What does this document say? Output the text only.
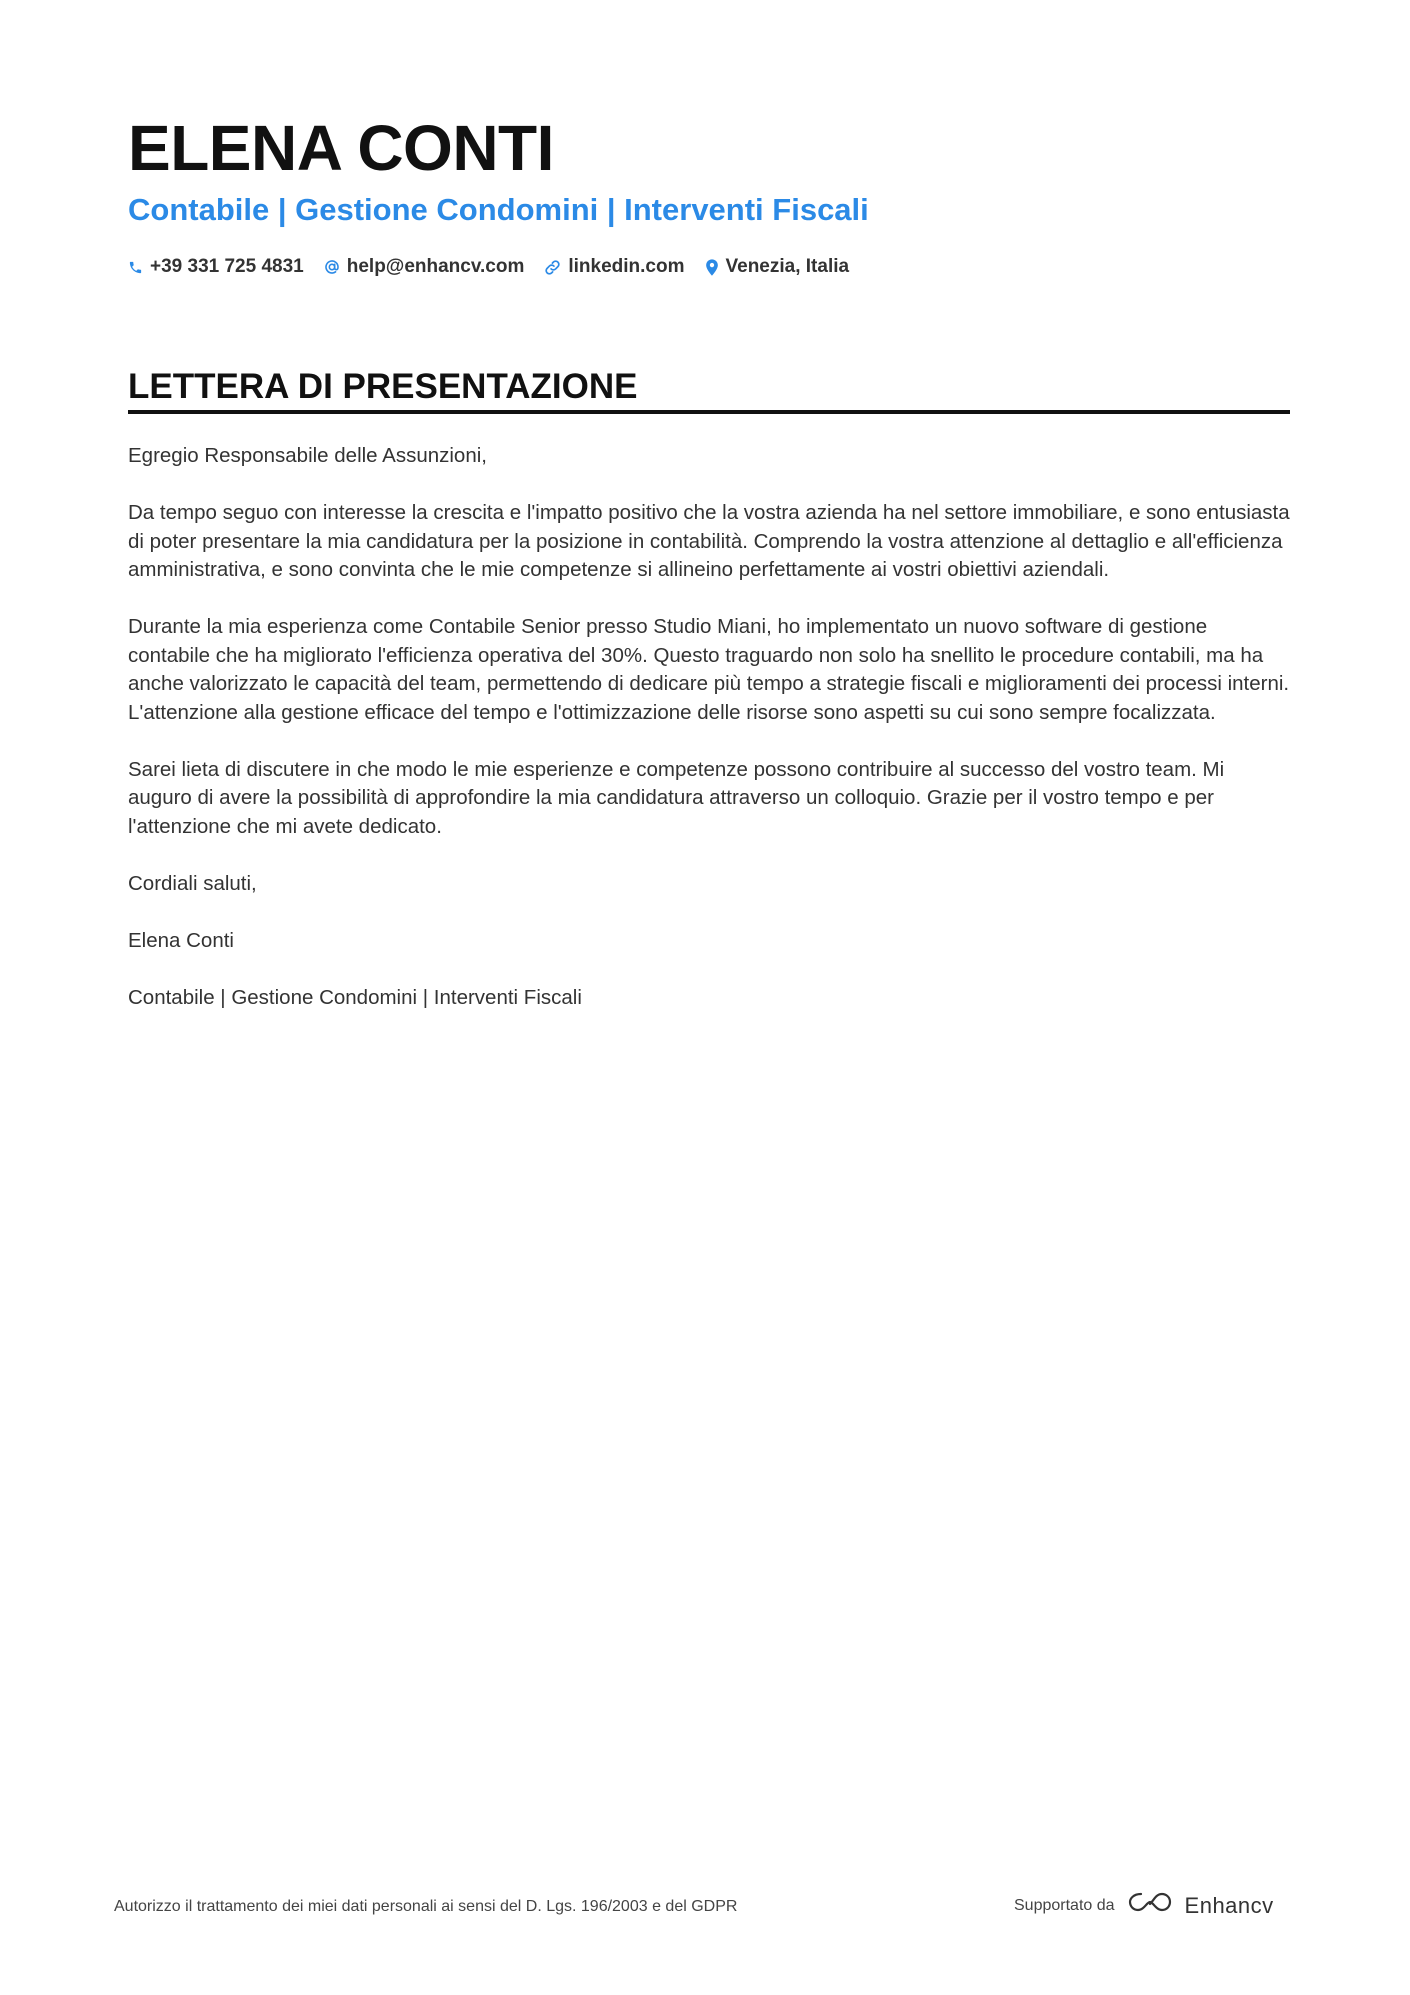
ELENA CONTI
Contabile | Gestione Condomini | Interventi Fiscali
+39 331 725 4831 help@enhancv.com linkedin.com Venezia, Italia
LETTERA DI PRESENTAZIONE

Egregio Responsabile delle Assunzioni,

Da tempo seguo con interesse la crescita e l'impatto positivo che la vostra azienda ha nel settore immobiliare, e sono entusiasta di poter presentare la mia candidatura per la posizione in contabilità. Comprendo la vostra attenzione al dettaglio e all'efficienza amministrativa, e sono convinta che le mie competenze si allineino perfettamente ai vostri obiettivi aziendali.

Durante la mia esperienza come Contabile Senior presso Studio Miani, ho implementato un nuovo software di gestione contabile che ha migliorato l'efficienza operativa del 30%. Questo traguardo non solo ha snellito le procedure contabili, ma ha anche valorizzato le capacità del team, permettendo di dedicare più tempo a strategie fiscali e miglioramenti dei processi interni. L'attenzione alla gestione efficace del tempo e l'ottimizzazione delle risorse sono aspetti su cui sono sempre focalizzata.

Sarei lieta di discutere in che modo le mie esperienze e competenze possono contribuire al successo del vostro team. Mi auguro di avere la possibilità di approfondire la mia candidatura attraverso un colloquio. Grazie per il vostro tempo e per l'attenzione che mi avete dedicato.

Cordiali saluti,

Elena Conti

Contabile | Gestione Condomini | Interventi Fiscali

Autorizzo il trattamento dei miei dati personali ai sensi del D. Lgs. 196/2003 e del GDPR	Supportato da	Enhancv
